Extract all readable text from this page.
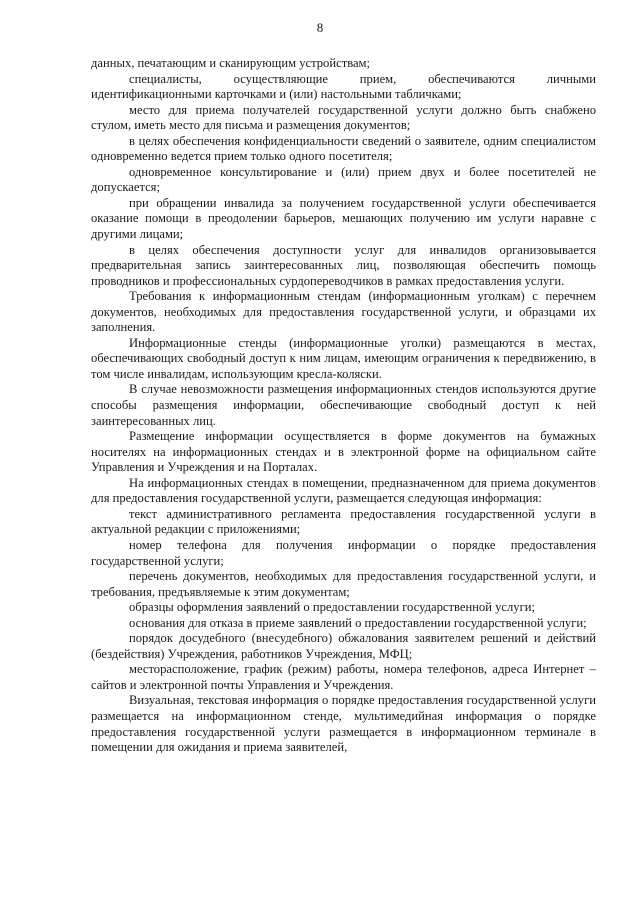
8

данных, печатающим и сканирующим устройствам;

специалисты, осуществляющие прием, обеспечиваются личными идентификационными карточками и (или) настольными табличками;

место для приема получателей государственной услуги должно быть снабжено стулом, иметь место для письма и размещения документов;

в целях обеспечения конфиденциальности сведений о заявителе, одним специалистом одновременно ведется прием только одного посетителя;

одновременное консультирование и (или) прием двух и более посетителей не допускается;

при обращении инвалида за получением государственной услуги обеспечивается оказание помощи в преодолении барьеров, мешающих получению им услуги наравне с другими лицами;

в целях обеспечения доступности услуг для инвалидов организовывается предварительная запись заинтересованных лиц, позволяющая обеспечить помощь проводников и профессиональных сурдопереводчиков в рамках предоставления услуги.

Требования к информационным стендам (информационным уголкам) с перечнем документов, необходимых для предоставления государственной услуги, и образцами их заполнения.

Информационные стенды (информационные уголки) размещаются в местах, обеспечивающих свободный доступ к ним лицам, имеющим ограничения к передвижению, в том числе инвалидам, использующим кресла-коляски.

В случае невозможности размещения информационных стендов используются другие способы размещения информации, обеспечивающие свободный доступ к ней заинтересованных лиц.

Размещение информации осуществляется в форме документов на бумажных носителях на информационных стендах и в электронной форме на официальном сайте Управления и Учреждения и на Порталах.

На информационных стендах в помещении, предназначенном для приема документов для предоставления государственной услуги, размещается следующая информация:

текст административного регламента предоставления государственной услуги в актуальной редакции с приложениями;

номер телефона для получения информации о порядке предоставления государственной услуги;

перечень документов, необходимых для предоставления государственной услуги, и требования, предъявляемые к этим документам;

образцы оформления заявлений о предоставлении государственной услуги;

основания для отказа в приеме заявлений о предоставлении государственной услуги;

порядок досудебного (внесудебного) обжалования заявителем решений и действий (бездействия) Учреждения, работников Учреждения, МФЦ;

месторасположение, график (режим) работы, номера телефонов, адреса Интернет – сайтов и электронной почты Управления и Учреждения.

Визуальная, текстовая информация о порядке предоставления государственной услуги размещается на информационном стенде, мультимедийная информация о порядке предоставления государственной услуги размещается в информационном терминале в помещении для ожидания и приема заявителей,
